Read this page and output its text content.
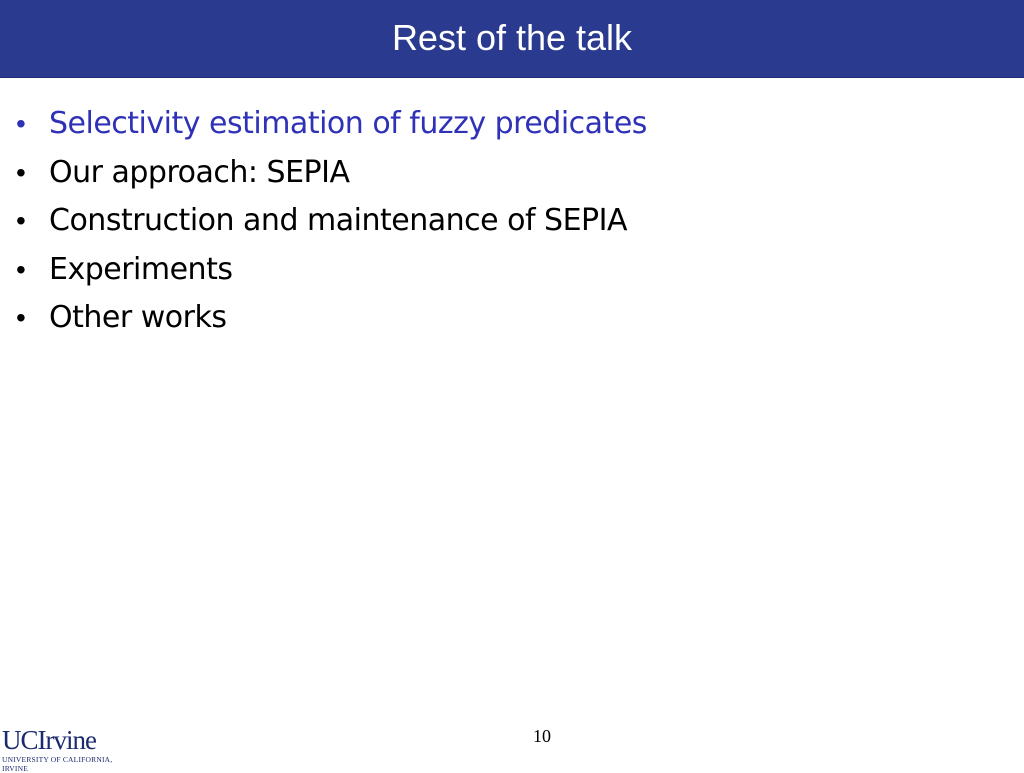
Rest of the talk
• Selectivity estimation of fuzzy predicates
• Our approach: SEPIA
• Construction and maintenance of SEPIA
• Experiments
• Other works
10
UCIrvine
UNIVERSITY OF CALIFORNIA, IRVINE
